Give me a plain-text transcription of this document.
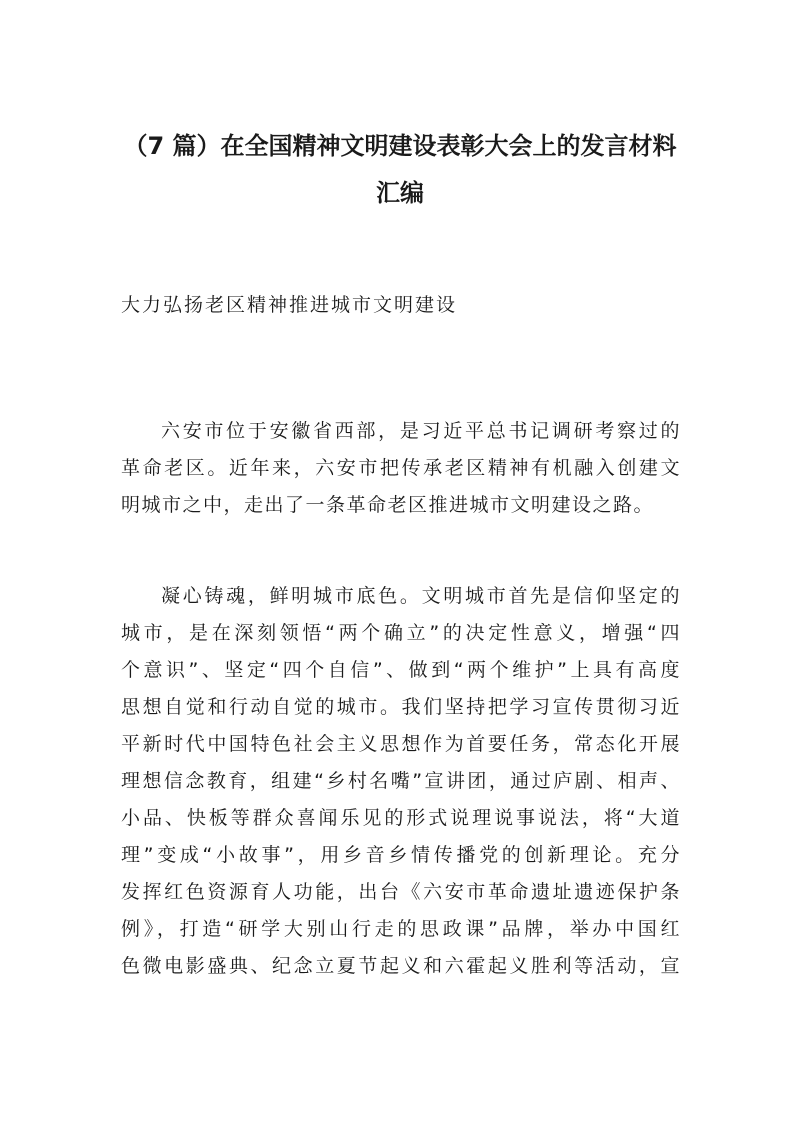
（7 篇）在全国精神文明建设表彰大会上的发言材料
汇编
大力弘扬老区精神推进城市文明建设
六安市位于安徽省西部，是习近平总书记调研考察过的
革命老区。近年来，六安市把传承老区精神有机融入创建文
明城市之中，走出了一条革命老区推进城市文明建设之路。
凝心铸魂，鲜明城市底色。文明城市首先是信仰坚定的
城市，是在深刻领悟“两个确立”的决定性意义，增强“四
个意识”、坚定“四个自信”、做到“两个维护”上具有高度
思想自觉和行动自觉的城市。我们坚持把学习宣传贯彻习近
平新时代中国特色社会主义思想作为首要任务，常态化开展
理想信念教育，组建“乡村名嘴”宣讲团，通过庐剧、相声、
小品、快板等群众喜闻乐见的形式说理说事说法，将“大道
理”变成“小故事”，用乡音乡情传播党的创新理论。充分
发挥红色资源育人功能，出台《六安市革命遗址遗迹保护条
例》，打造“研学大别山行走的思政课”品牌，举办中国红
色微电影盛典、纪念立夏节起义和六霍起义胜利等活动，宣
